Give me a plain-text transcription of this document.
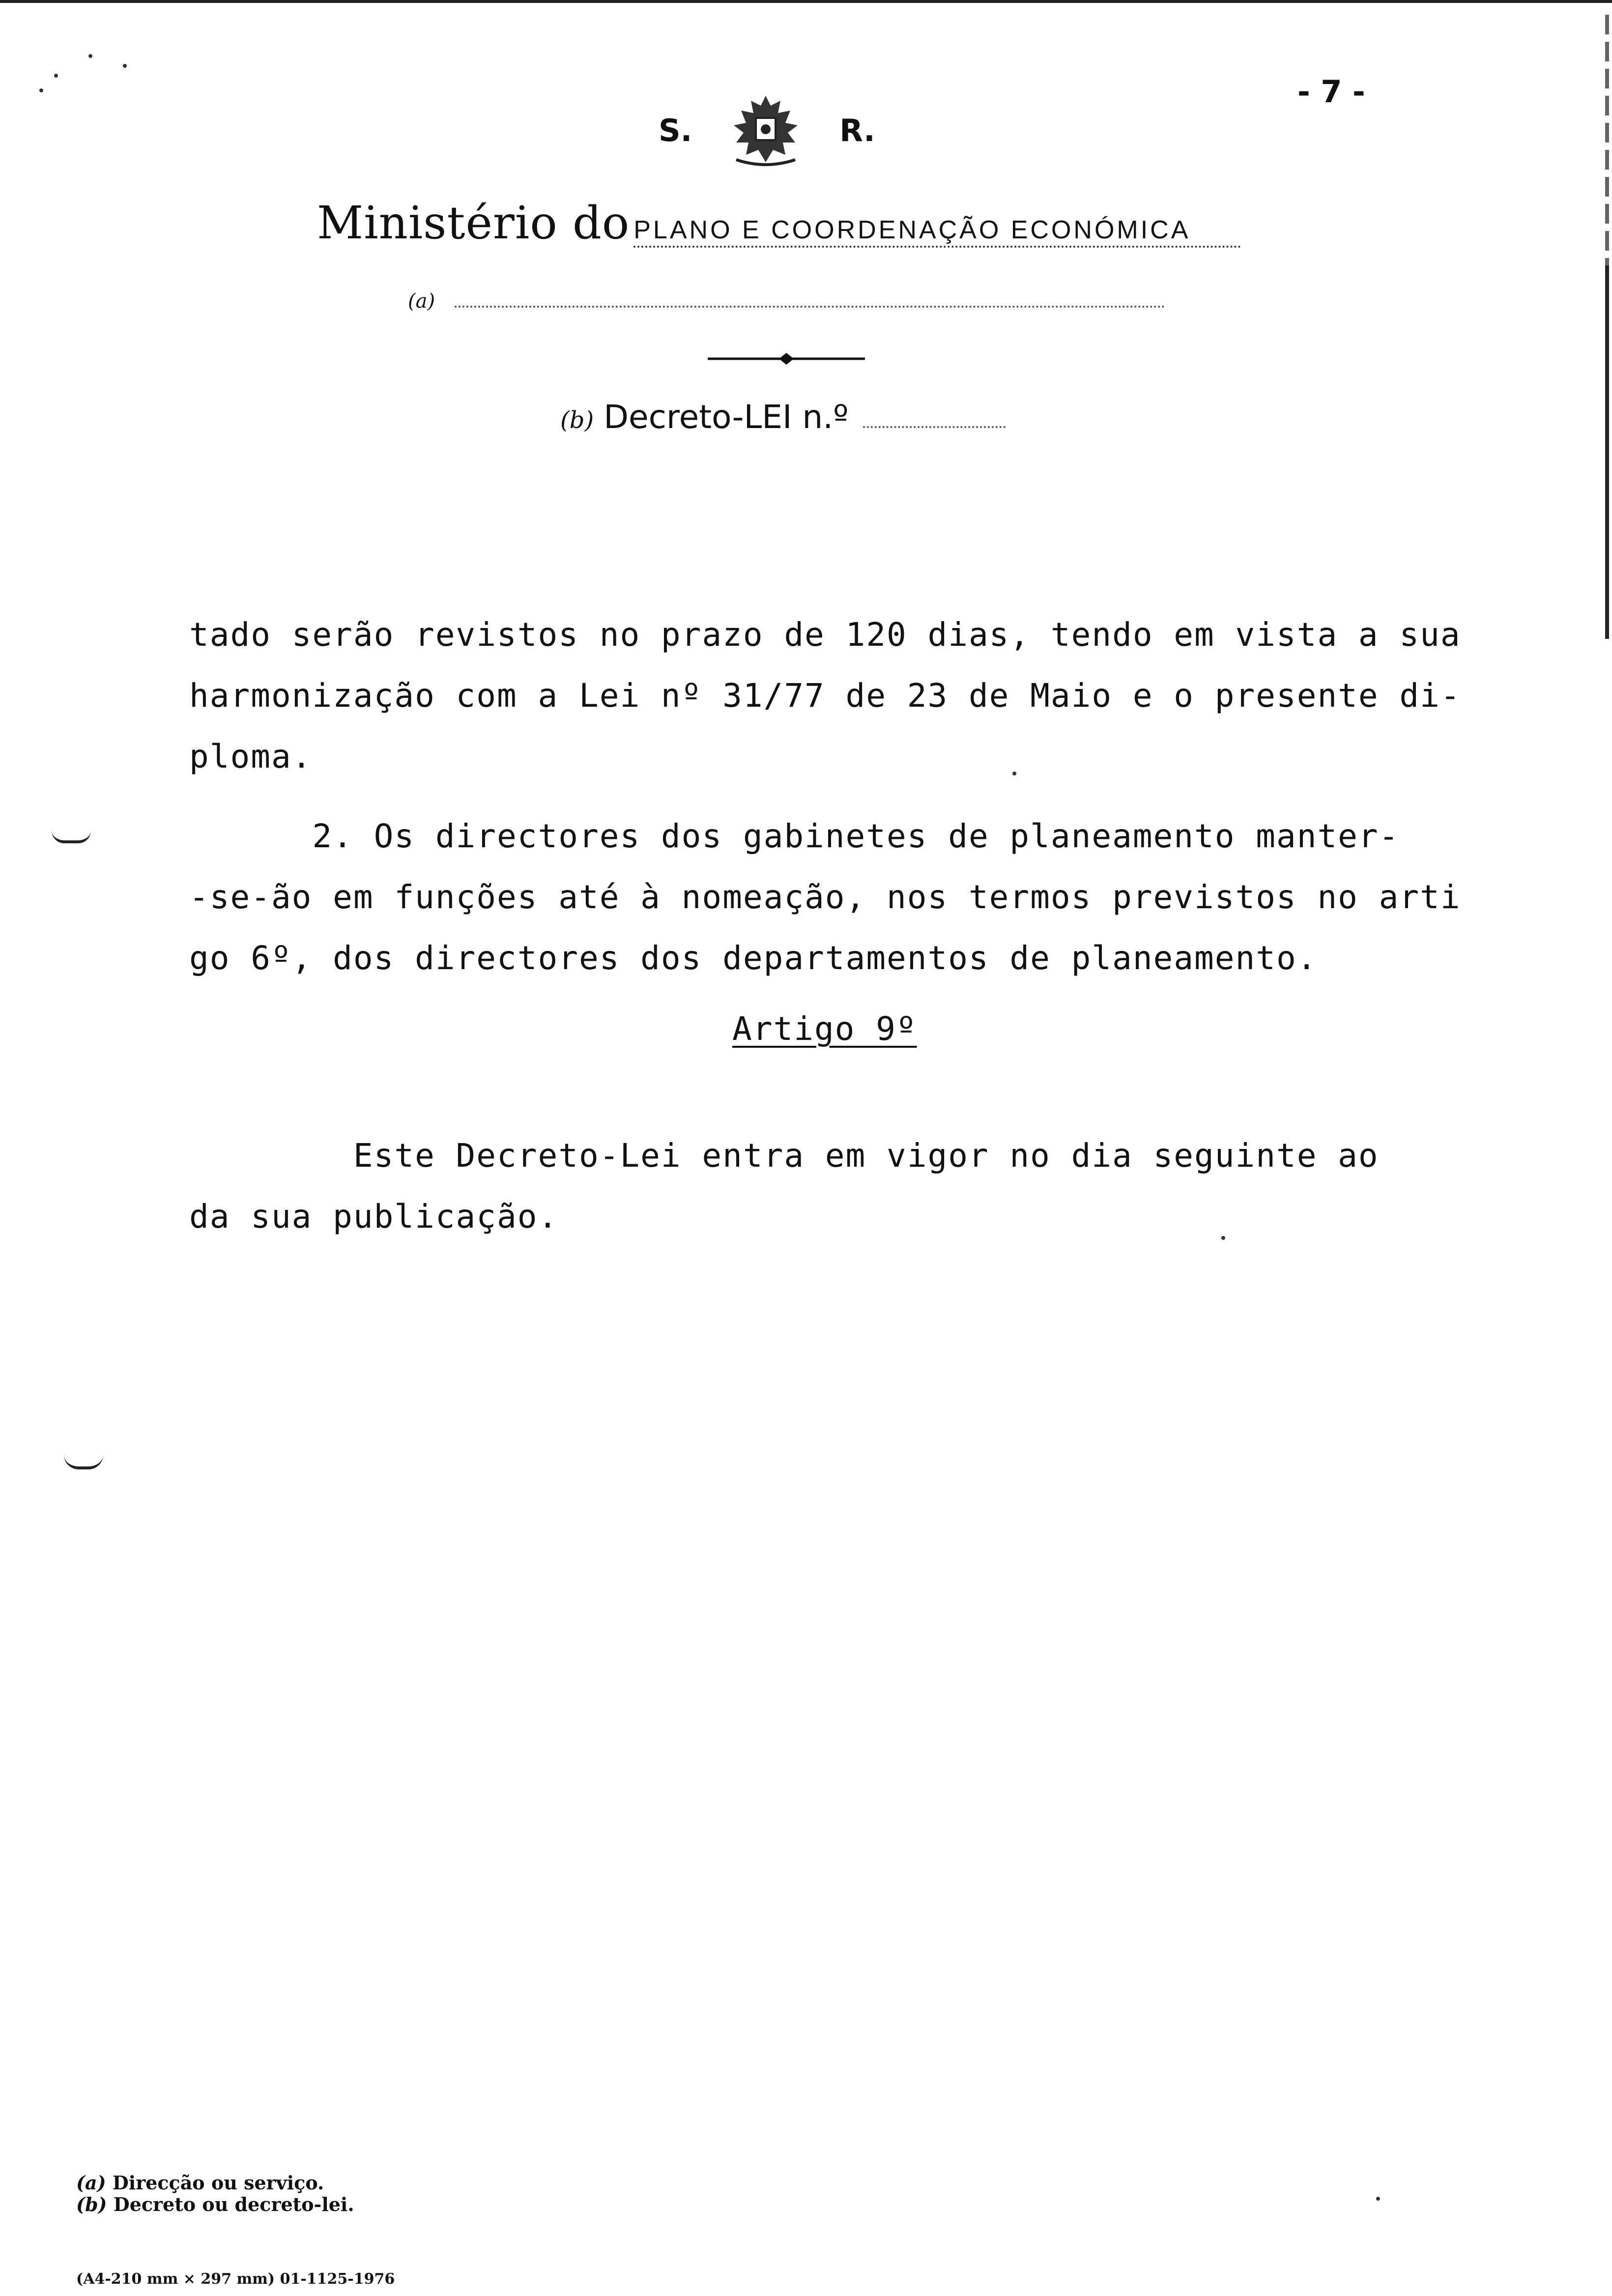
- 7 -
S.	R.
Ministério do PLANO E COORDENAÇÃO ECONÓMICA
(a)
(b) Decreto-LEI n.º
tado serão revistos no prazo de 120 dias, tendo em vista a sua
harmonização com a Lei nº 31/77 de 23 de Maio e o presente di-
ploma.
2. Os directores dos gabinetes de planeamento manter-
-se-ão em funções até à nomeação, nos termos previstos no arti
go 6º, dos directores dos departamentos de planeamento.
Artigo 9º
Este Decreto-Lei entra em vigor no dia seguinte ao
da sua publicação.
(a) Direcção ou serviço.
(b) Decreto ou decreto-lei.
(A4-210 mm × 297 mm) 01-1125-1976
